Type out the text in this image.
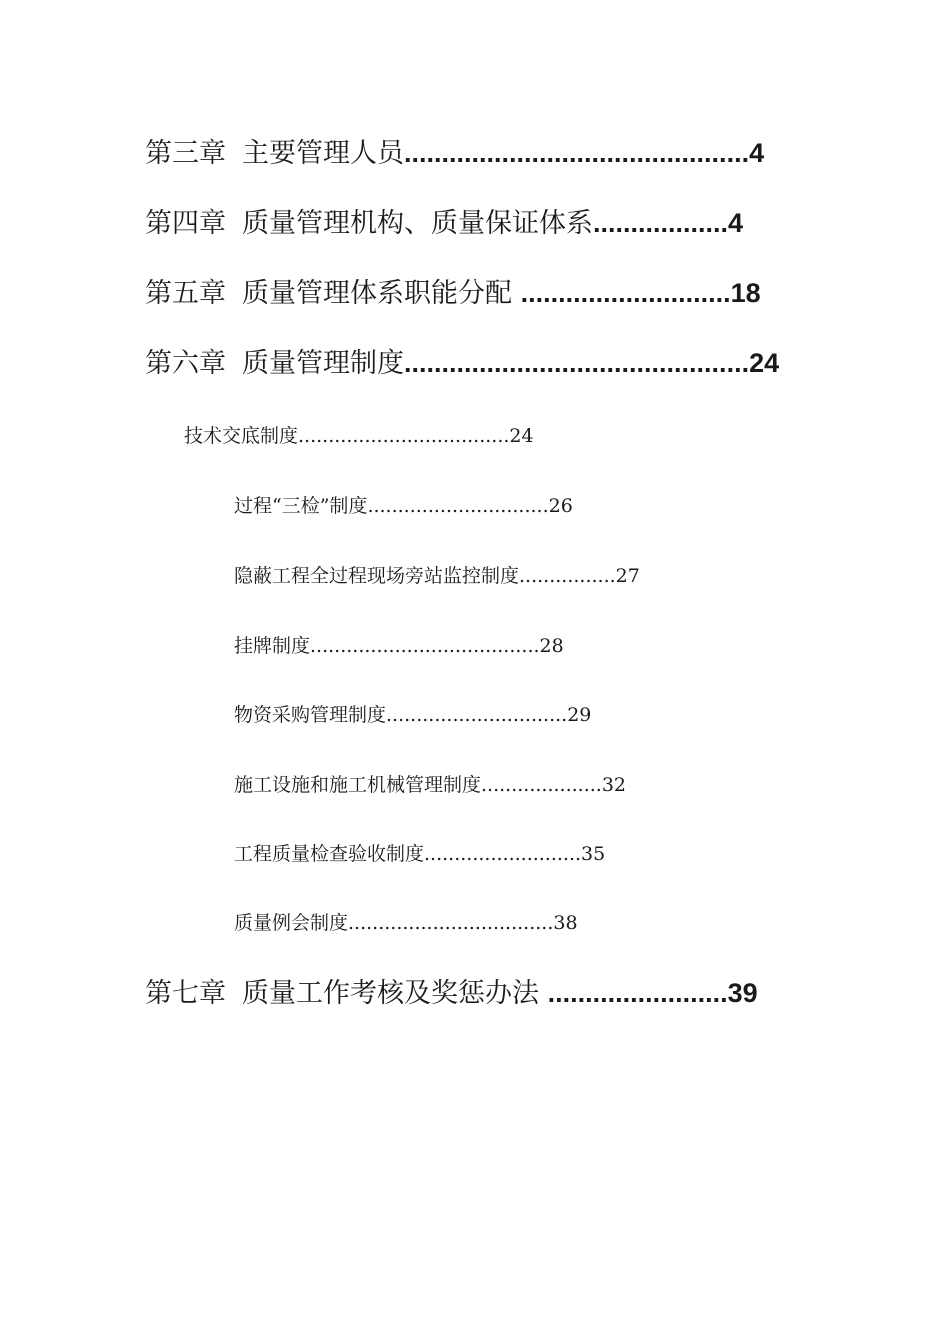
第三章 主要管理人员..............................................4
第四章 质量管理机构、质量保证体系..................4
第五章 质量管理体系职能分配 ............................18
第六章 质量管理制度..............................................24
技术交底制度...................................24
过程“三检”制度..............................26
隐蔽工程全过程现场旁站监控制度................27
挂牌制度......................................28
物资采购管理制度..............................29
施工设施和施工机械管理制度....................32
工程质量检查验收制度..........................35
质量例会制度..................................38
第七章 质量工作考核及奖惩办法 ........................39
